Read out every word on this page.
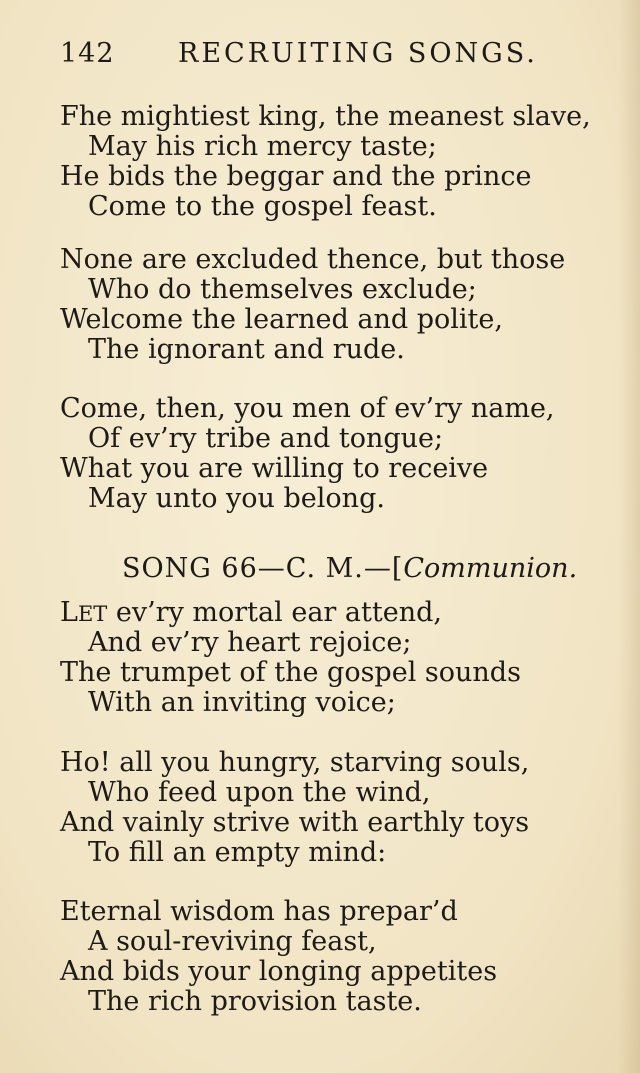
142 RECRUITING SONGS.
Fhe mightiest king, the meanest slave,
May his rich mercy taste;
He bids the beggar and the prince
Come to the gospel feast.
None are excluded thence, but those
Who do themselves exclude;
Welcome the learned and polite,
The ignorant and rude.
Come, then, you men of ev’ry name,
Of ev’ry tribe and tongue;
What you are willing to receive
May unto you belong.
SONG 66—C. M.—[Communion.
LET ev’ry mortal ear attend,
And ev’ry heart rejoice;
The trumpet of the gospel sounds
With an inviting voice;
Ho! all you hungry, starving souls,
Who feed upon the wind,
And vainly strive with earthly toys
To fill an empty mind:
Eternal wisdom has prepar’d
A soul-reviving feast,
And bids your longing appetites
The rich provision taste.
